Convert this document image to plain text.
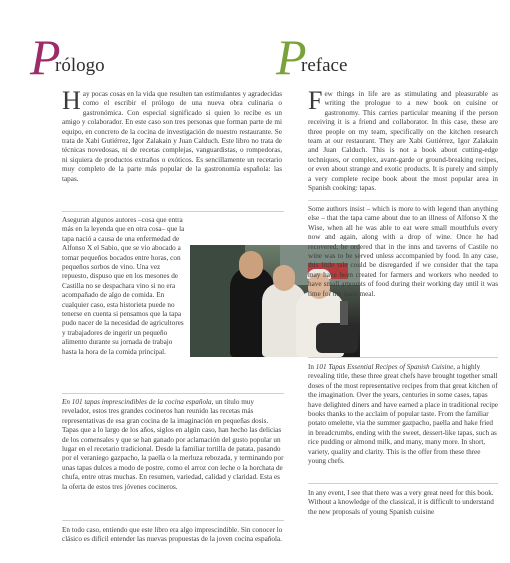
P
rólogo

Hay pocas cosas en la vida que resulten tan estimulantes y agradecidas como el escribir el prólogo de una nueva obra culinaria o gastronómica. Con especial significado si quien lo recibe es un amigo y colaborador. En este caso son tres personas que forman parte de mi equipo, en concreto de la cocina de investigación de nuestro restaurante. Se trata de Xabi Gutiérrez, Igor Zalakain y Juan Calduch. Este libro no trata de técnicas novedosas, ni de recetas complejas, vanguardistas, o rompedoras, ni siquiera de productos extraños o exóticos. Es sencillamente un recetario muy completo de la parte más popular de la gastronomía española: las tapas.

Aseguran algunos autores –cosa que entra más en la leyenda que en otra cosa– que la tapa nació a causa de una enfermedad de Alfonso X el Sabio, que se vio abocado a tomar pequeños bocados entre horas, con pequeños sorbos de vino. Una vez repuesto, dispuso que en los mesones de Castilla no se despachara vino si no era acompañado de algo de comida. En cualquier caso, esta historieta puede no tenerse en cuenta si pensamos que la tapa pudo nacer de la necesidad de agricultores y trabajadores de ingerir un pequeño alimento durante su jornada de trabajo hasta la hora de la comida principal.

En 101 tapas imprescindibles de la cocina española, un título muy revelador, estos tres grandes cocineros han reunido las recetas más representativas de esa gran cocina de la imaginación en pequeñas dosis. Tapas que a lo largo de los años, siglos en algún caso, han hecho las delicias de los comensales y que se han ganado por aclamación del gusto popular un lugar en el recetario tradicional. Desde la familiar tortilla de patata, pasando por el veraniego gazpacho, la paella o la merluza rebozada, y terminando por unas tapas dulces a modo de postre, como el arroz con leche o la horchata de chufa, entre otras muchas. En resumen, variedad, calidad y claridad. Esta es la oferta de estos tres jóvenes cocineros.

En todo caso, entiendo que este libro era algo imprescindible. Sin conocer lo clásico es difícil entender las nuevas propuestas de la joven cocina española.

P
reface

Few things in life are as stimulating and pleasurable as writing the prologue to a new book on cuisine or gastronomy. This carries particular meaning if the person receiving it is a friend and collaborator. In this case, these are three people on my team, specifically on the kitchen research team at our restaurant. They are Xabi Gutiérrez, Igor Zalakain and Juan Calduch. This is not a book about cutting-edge techniques, or complex, avant-garde or ground-breaking recipes, or even about strange and exotic products. It is purely and simply a very complete recipe book about the most popular area in Spanish cooking: tapas.

Some authors insist – which is more to with legend than anything else – that the tapa came about due to an illness of Alfonso X the Wise, when all he was able to eat were small mouthfuls every now and again, along with a drop of wine. Once he had recovered, he ordered that in the inns and taverns of Castile no wine was to be served unless accompanied by food. In any case, this little tale could be disregarded if we consider that the tapa may have been created for farmers and workers who needed to have small amounts of food during their working day until it was time for the main meal.

In 101 Tapas Essential Recipes of Spanish Cuisine, a highly revealing title, these three great chefs have brought together small doses of the most representative recipes from that great kitchen of the imagination. Over the years, centuries in some cases, tapas have delighted diners and have earned a place in traditional recipe books thanks to the acclaim of popular taste. From the familiar potato omelette, via the summer gazpacho, paella and hake fried in breadcrumbs, ending with the sweet, dessert-like tapas, such as rice pudding or almond milk, and many, many more. In short, variety, quality and clarity. This is the offer from these three young chefs.

In any event, I see that there was a very great need for this book. Without a knowledge of the classical, it is difficult to understand the new proposals of young Spanish cuisine
